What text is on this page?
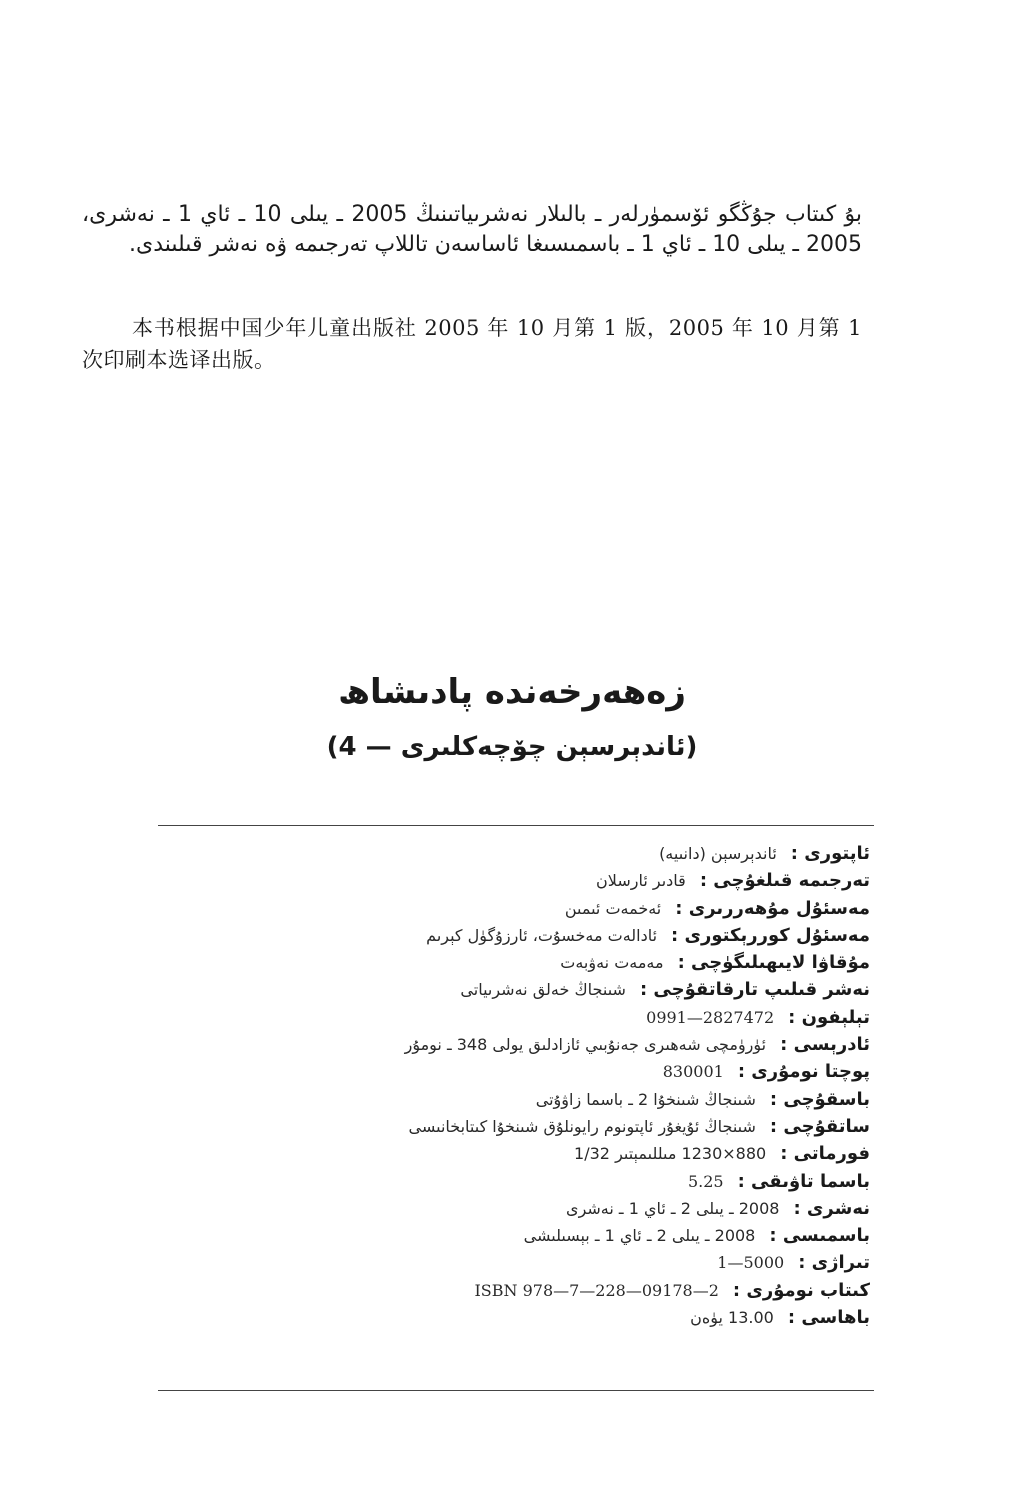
بۇ كىتاب جۇڭگو ئۆسمۈرلەر ـ بالىلار نەشرىياتىنىڭ 2005 ـ يىلى 10 ـ ئاي 1 ـ نەشرى، 2005 ـ يىلى 10 ـ ئاي 1 ـ باسمىسىغا ئاساسەن تاللاپ تەرجىمە ۋە نەشر قىلىندى.

本书根据中国少年儿童出版社 2005 年 10 月第 1 版，2005 年 10 月第 1 次印刷本选译出版。
زەھەرخەندە پادىشاھ
(ئاندېرسېن چۆچەكلىرى — 4)
ئاپتورى :ئاندېرسېن (دانىيە)
تەرجىمە قىلغۇچى :قادىر ئارسلان
مەسئۇل مۇھەررىرى :ئەخمەت ئىمىن
مەسئۇل كوررېكتورى :ئادالەت مەخسۇت، ئارزۇگۈل كېرىم
مۇقاۋا لايىھىلىگۈچى :مەمەت نەۋبەت
نەشر قىلىپ تارقاتقۇچى :شىنجاڭ خەلق نەشرىياتى
تېلېفون :0991—2827472
ئادرېسى :ئۈرۈمچى شەھىرى جەنۇبىي ئازادلىق يولى 348 ـ نومۇر
پوچتا نومۇرى :830001
باسقۇچى :شىنجاڭ شىنخۇا 2 ـ باسما زاۋۇتى
ساتقۇچى :شىنجاڭ ئۇيغۇر ئاپتونوم رايونلۇق شىنخۇا كىتابخانىسى
فورماتى :880×1230 مىللىمېتىر 1/32
باسما تاۋىقى :5.25
نەشرى :2008 ـ يىلى 2 ـ ئاي 1 ـ نەشرى
باسمىسى :2008 ـ يىلى 2 ـ ئاي 1 ـ بېسىلىشى
تىراژى :1—5000
كىتاب نومۇرى :ISBN 978—7—228—09178—2
باھاسى :13.00 يۈەن
